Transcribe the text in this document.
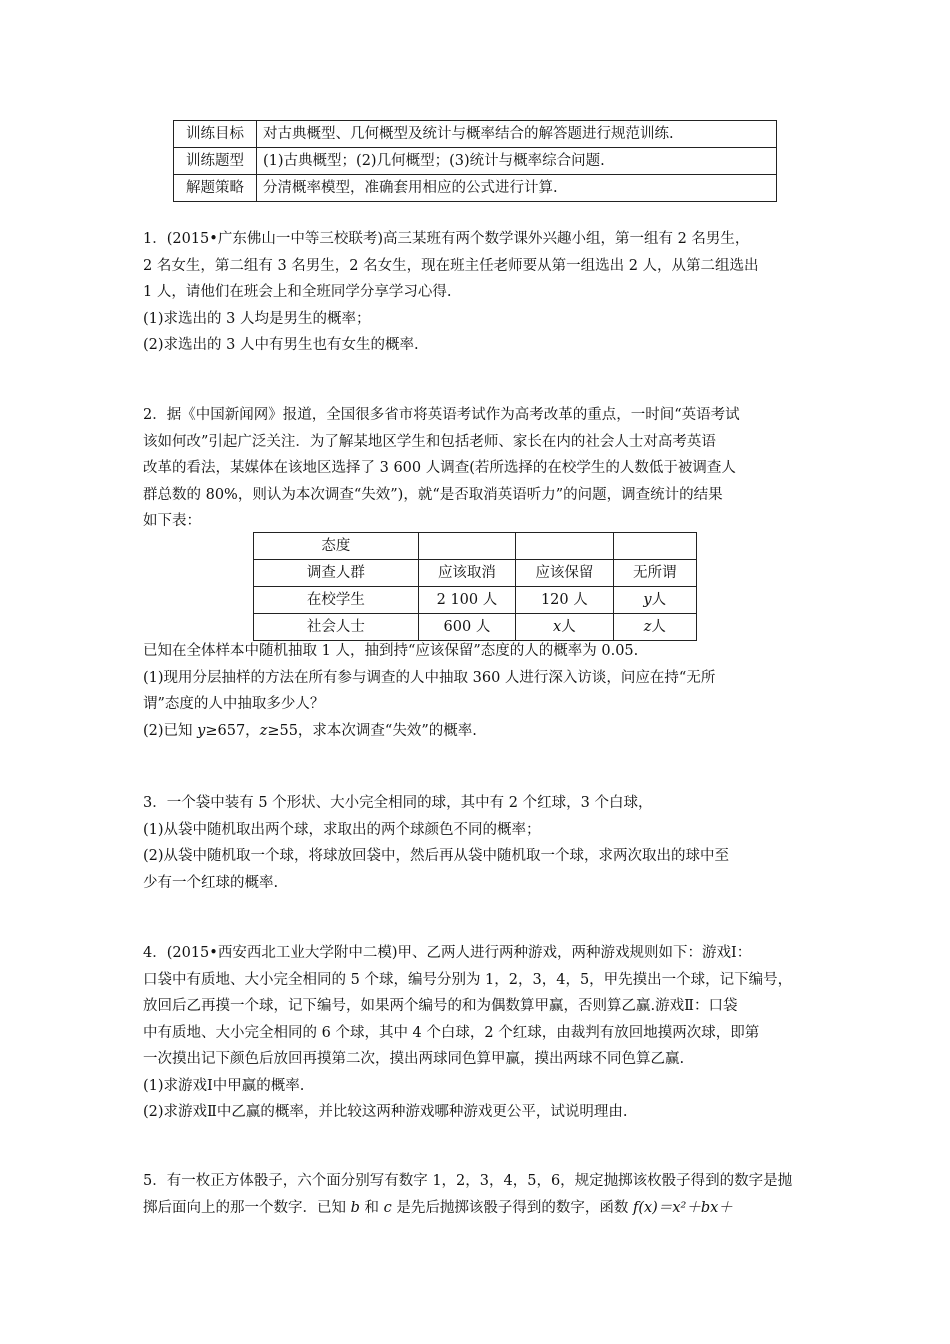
训练目标	对古典概型、几何概型及统计与概率结合的解答题进行规范训练.
训练题型	(1)古典概型；(2)几何概型；(3)统计与概率综合问题.
解题策略	分清概率模型，准确套用相应的公式进行计算.
1．(2015•广东佛山一中等三校联考)高三某班有两个数学课外兴趣小组，第一组有 2 名男生，
2 名女生，第二组有 3 名男生，2 名女生，现在班主任老师要从第一组选出 2 人，从第二组选出
1 人，请他们在班会上和全班同学分享学习心得.
(1)求选出的 3 人均是男生的概率；
(2)求选出的 3 人中有男生也有女生的概率.
2．据《中国新闻网》报道，全国很多省市将英语考试作为高考改革的重点，一时间“英语考试
该如何改”引起广泛关注．为了解某地区学生和包括老师、家长在内的社会人士对高考英语
改革的看法，某媒体在该地区选择了 3 600 人调查(若所选择的在校学生的人数低于被调查人
群总数的 80%，则认为本次调查“失效”)，就“是否取消英语听力”的问题，调查统计的结果
如下表：
态度			
调查人群	应该取消	应该保留	无所谓
在校学生	2 100 人	120 人	y人
社会人士	600 人	x人	z人
已知在全体样本中随机抽取 1 人，抽到持“应该保留”态度的人的概率为 0.05.
(1)现用分层抽样的方法在所有参与调查的人中抽取 360 人进行深入访谈，问应在持“无所
谓”态度的人中抽取多少人？
(2)已知 y≥657，z≥55，求本次调查“失效”的概率.
3．一个袋中装有 5 个形状、大小完全相同的球，其中有 2 个红球，3 个白球，
(1)从袋中随机取出两个球，求取出的两个球颜色不同的概率；
(2)从袋中随机取一个球，将球放回袋中，然后再从袋中随机取一个球，求两次取出的球中至
少有一个红球的概率.
4．(2015•西安西北工业大学附中二模)甲、乙两人进行两种游戏，两种游戏规则如下：游戏Ⅰ：
口袋中有质地、大小完全相同的 5 个球，编号分别为 1，2，3，4，5，甲先摸出一个球，记下编号，
放回后乙再摸一个球，记下编号，如果两个编号的和为偶数算甲赢，否则算乙赢.游戏Ⅱ：口袋
中有质地、大小完全相同的 6 个球，其中 4 个白球，2 个红球，由裁判有放回地摸两次球，即第
一次摸出记下颜色后放回再摸第二次，摸出两球同色算甲赢，摸出两球不同色算乙赢.
(1)求游戏Ⅰ中甲赢的概率.
(2)求游戏Ⅱ中乙赢的概率，并比较这两种游戏哪种游戏更公平，试说明理由.
5．有一枚正方体骰子，六个面分别写有数字 1，2，3，4，5，6，规定抛掷该枚骰子得到的数字是抛
掷后面向上的那一个数字．已知 b 和 c 是先后抛掷该骰子得到的数字，函数 f(x)＝x²＋bx＋
